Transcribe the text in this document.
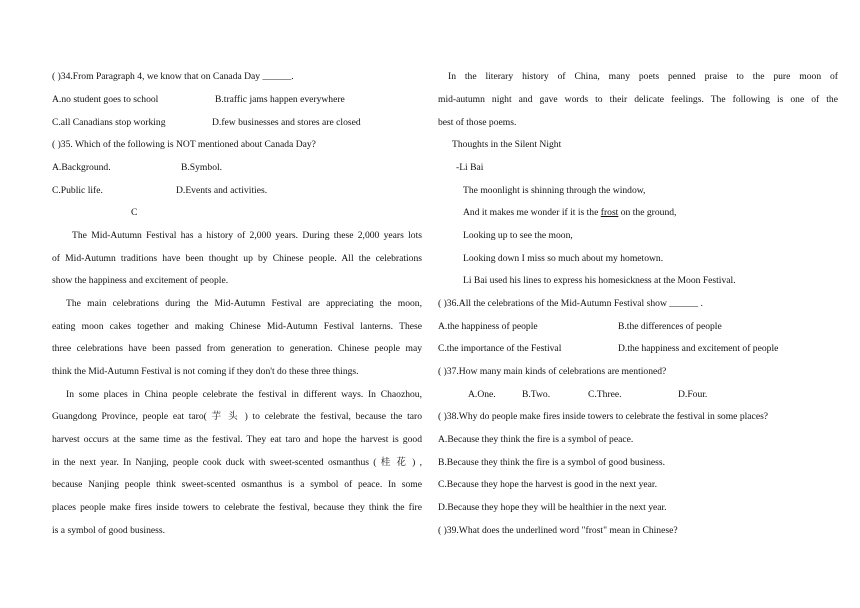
( )34.From Paragraph 4, we know that on Canada Day ______.
A.no student goes to school	B.traffic jams happen everywhere
C.all Canadians stop working	D.few businesses and stores are closed
( )35. Which of the following is NOT mentioned about Canada Day?
A.Background.	B.Symbol.
C.Public life.	D.Events and activities.
C
The Mid-Autumn Festival has a history of 2,000 years. During these 2,000 years lots
of Mid-Autumn traditions have been thought up by Chinese people. All the celebrations
show the happiness and excitement of people.
The main celebrations during the Mid-Autumn Festival are appreciating the moon,
eating moon cakes together and making Chinese Mid-Autumn Festival lanterns. These
three celebrations have been passed from generation to generation. Chinese people may
think the Mid-Autumn Festival is not coming if they don't do these three things.
In some places in China people celebrate the festival in different ways. In Chaozhou,
Guangdong Province, people eat taro( 芋 头 ) to celebrate the festival, because the taro
harvest occurs at the same time as the festival. They eat taro and hope the harvest is good
in the next year. In Nanjing, people cook duck with sweet-scented osmanthus ( 桂 花 ) ,
because Nanjing people think sweet-scented osmanthus is a symbol of peace. In some
places people make fires inside towers to celebrate the festival, because they think the fire
is a symbol of good business.
In the literary history of China, many poets penned praise to the pure moon of
mid-autumn night and gave words to their delicate feelings. The following is one of the
best of those poems.
Thoughts in the Silent Night
-Li Bai
The moonlight is shinning through the window,
And it makes me wonder if it is the frost on the ground,
Looking up to see the moon,
Looking down I miss so much about my hometown.
Li Bai used his lines to express his homesickness at the Moon Festival.
( )36.All the celebrations of the Mid-Autumn Festival show ______ .
A.the happiness of people	B.the differences of people
C.the importance of the Festival	D.the happiness and excitement of people
( )37.How many main kinds of celebrations are mentioned?
A.One.	B.Two.	C.Three.	D.Four.
( )38.Why do people make fires inside towers to celebrate the festival in some places?
A.Because they think the fire is a symbol of peace.
B.Because they think the fire is a symbol of good business.
C.Because they hope the harvest is good in the next year.
D.Because they hope they will be healthier in the next year.
( )39.What does the underlined word "frost" mean in Chinese?
